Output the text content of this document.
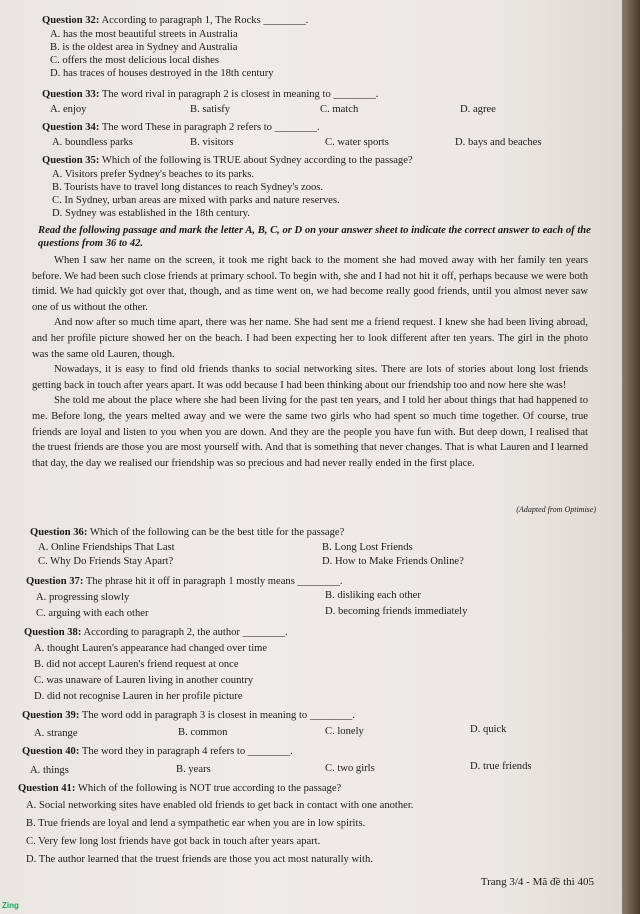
Question 32: According to paragraph 1, The Rocks ________.
A. has the most beautiful streets in Australia
B. is the oldest area in Sydney and Australia
C. offers the most delicious local dishes
D. has traces of houses destroyed in the 18th century
Question 33: The word rival in paragraph 2 is closest in meaning to ________.
A. enjoy	B. satisfy	C. match	D. agree
Question 34: The word These in paragraph 2 refers to ________.
A. boundless parks	B. visitors	C. water sports	D. bays and beaches
Question 35: Which of the following is TRUE about Sydney according to the passage?
A. Visitors prefer Sydney's beaches to its parks.
B. Tourists have to travel long distances to reach Sydney's zoos.
C. In Sydney, urban areas are mixed with parks and nature reserves.
D. Sydney was established in the 18th century.
Read the following passage and mark the letter A, B, C, or D on your answer sheet to indicate the correct answer to each of the questions from 36 to 42.

When I saw her name on the screen, it took me right back to the moment she had moved away with her family ten years before. We had been such close friends at primary school. To begin with, she and I had not hit it off, perhaps because we were both timid. We had quickly got over that, though, and as time went on, we had become really good friends, until you almost never saw one of us without the other.

And now after so much time apart, there was her name. She had sent me a friend request. I knew she had been living abroad, and her profile picture showed her on the beach. I had been expecting her to look different after ten years. The girl in the photo was the same old Lauren, though.

Nowadays, it is easy to find old friends thanks to social networking sites. There are lots of stories about long lost friends getting back in touch after years apart. It was odd because I had been thinking about our friendship too and now here she was!

She told me about the place where she had been living for the past ten years, and I told her about things that had happened to me. Before long, the years melted away and we were the same two girls who had spent so much time together. Of course, true friends are loyal and listen to you when you are down. And they are the people you have fun with. But deep down, I realised that the truest friends are those you are most yourself with. And that is something that never changes. That is what Lauren and I learned that day, the day we realised our friendship was so precious and had never really ended in the first place.

(Adapted from Optimise)
Question 36: Which of the following can be the best title for the passage?
A. Online Friendships That Last	B. Long Lost Friends
C. Why Do Friends Stay Apart?	D. How to Make Friends Online?
Question 37: The phrase hit it off in paragraph 1 mostly means ________.
A. progressing slowly	B. disliking each other
C. arguing with each other	D. becoming friends immediately
Question 38: According to paragraph 2, the author ________.
A. thought Lauren's appearance had changed over time
B. did not accept Lauren's friend request at once
C. was unaware of Lauren living in another country
D. did not recognise Lauren in her profile picture
Question 39: The word odd in paragraph 3 is closest in meaning to ________.
A. strange	B. common	C. lonely	D. quick
Question 40: The word they in paragraph 4 refers to ________.
A. things	B. years	C. two girls	D. true friends
Question 41: Which of the following is NOT true according to the passage?
A. Social networking sites have enabled old friends to get back in contact with one another.
B. True friends are loyal and lend a sympathetic ear when you are in low spirits.
C. Very few long lost friends have got back in touch after years apart.
D. The author learned that the truest friends are those you act most naturally with.
Trang 3/4 - Mã đề thi 405
Zing
